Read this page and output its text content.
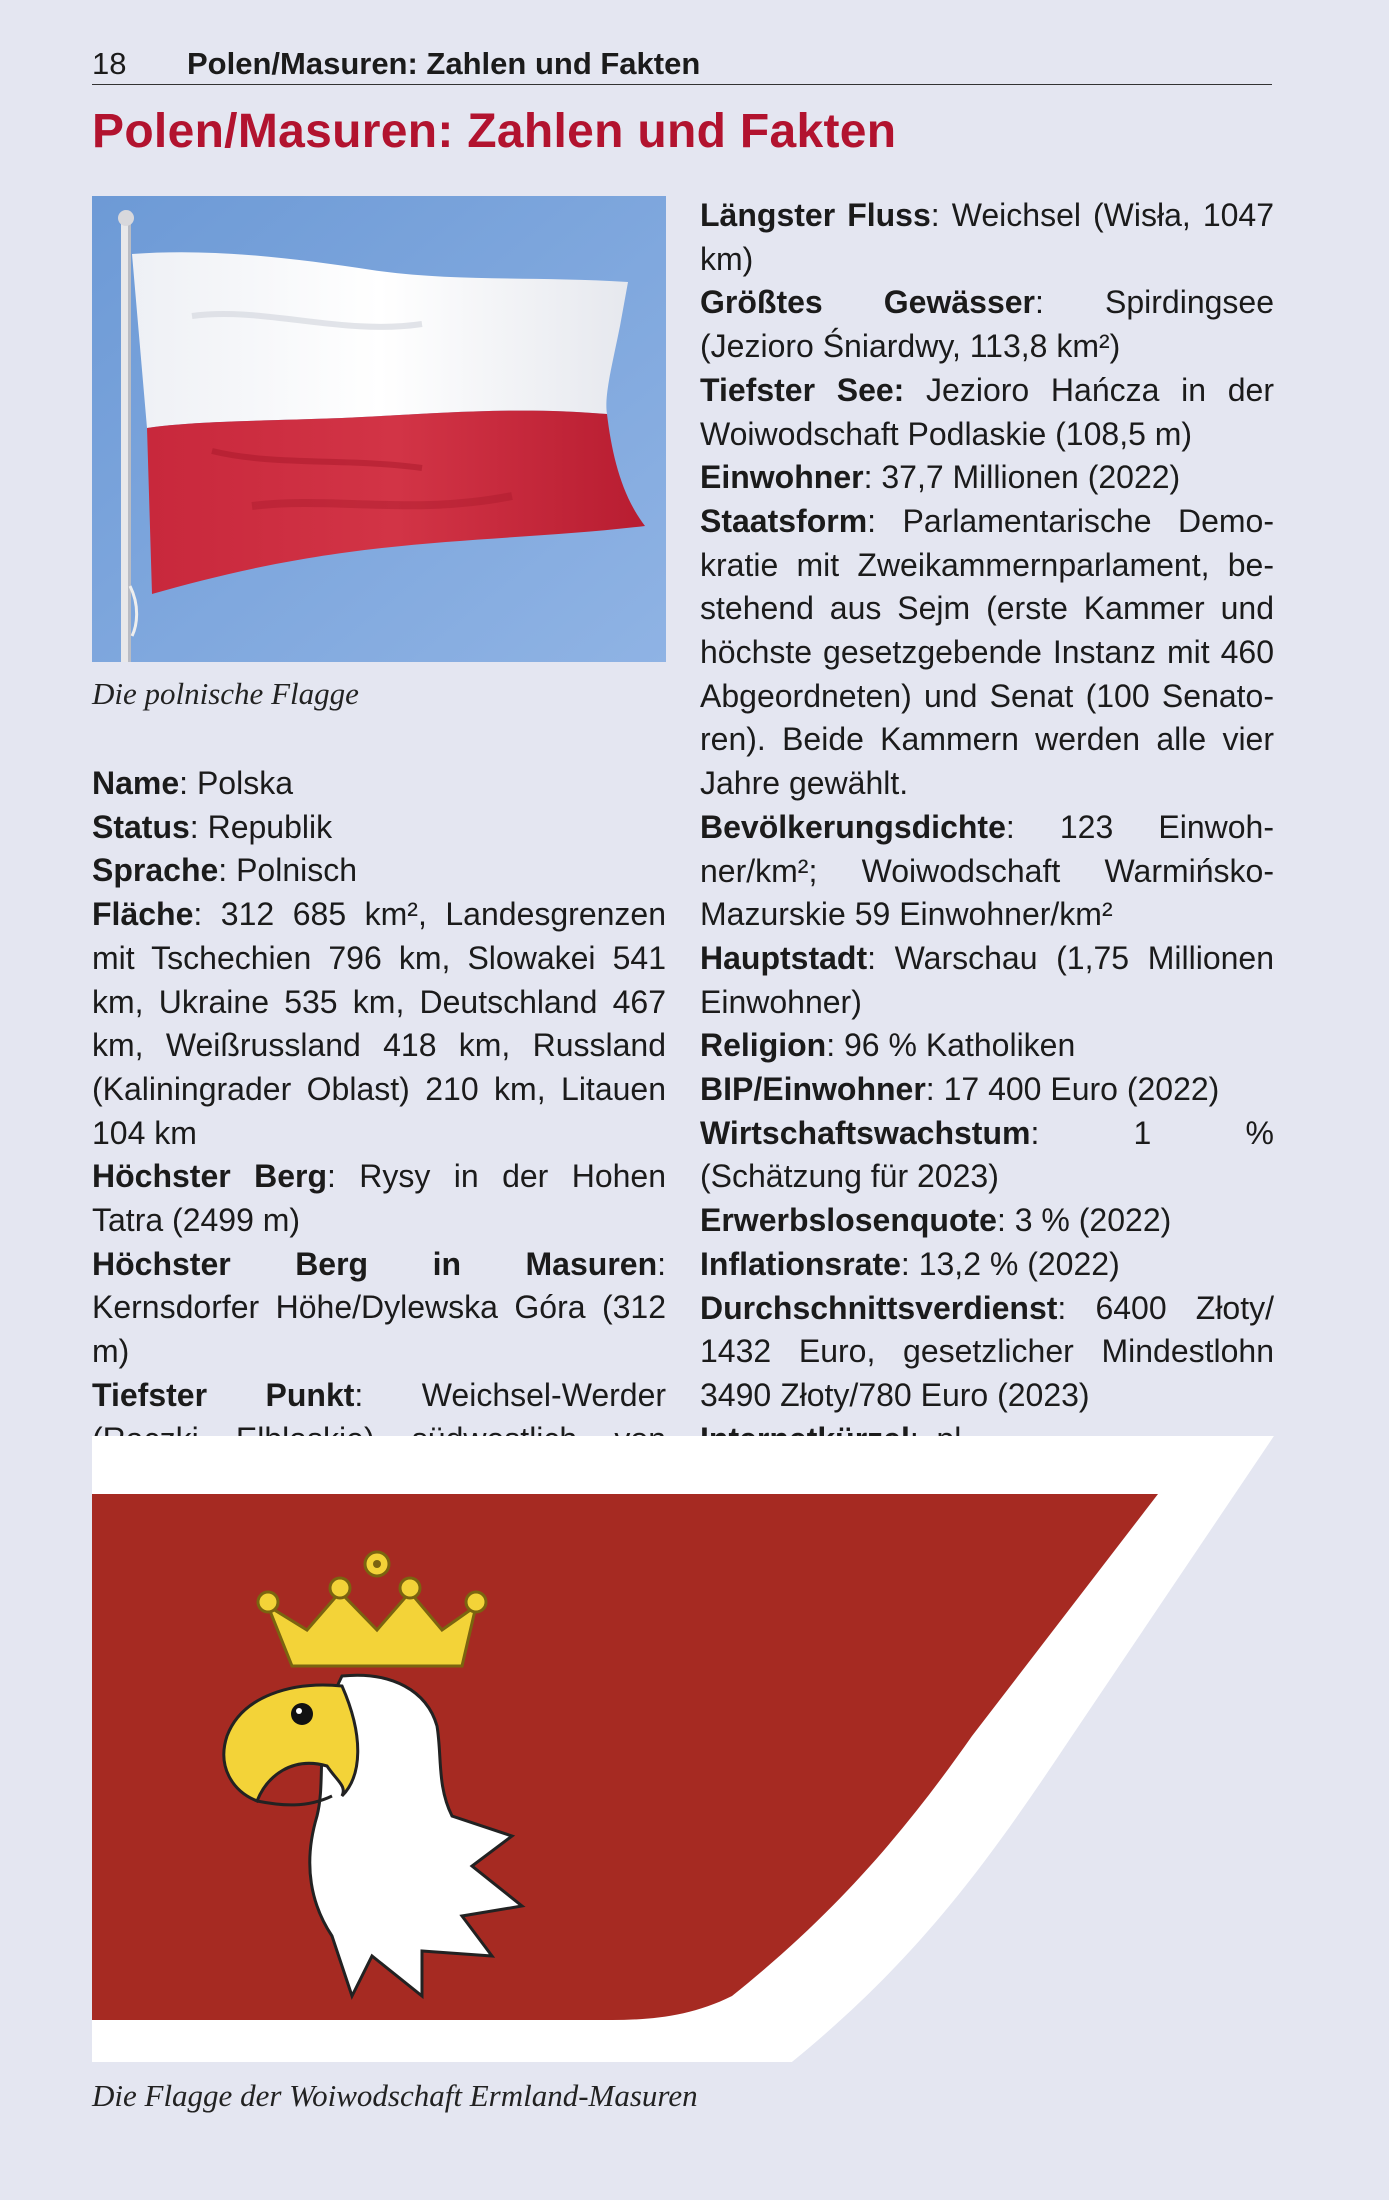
18 Polen/Masuren: Zahlen und Fakten
Polen/Masuren: Zahlen und Fakten

Die polnische Flagge

Name: Polska

Status: Republik

Sprache: Polnisch

Fläche: 312 685 km², Landesgrenzen mit Tschechien 796 km, Slowakei 541 km, Ukraine 535 km, Deutschland 467 km, Weißrussland 418 km, Russland (Kaliningrader Oblast) 210 km, Litauen 104 km

Höchster Berg: Rysy in der Hohen Tatra (2499 m)

Höchster Berg in Masuren: Kernsdorfer Höhe/Dylewska Góra (312 m)

Tiefster Punkt: Weichsel-Werder

Längster Fluss: Weichsel (Wisła, 1047 km)

Größtes Gewässer: Spirdingsee (Jezioro Śniardwy, 113,8 km²)

Tiefster See: Jezioro Hańcza in der Woiwodschaft Podlaskie (108,5 m)

Einwohner: 37,7 Millionen (2022)

Staatsform: Parlamentarische Demokratie mit Zweikammernparlament, bestehend aus Sejm (erste Kammer und höchste gesetzgebende Instanz mit 460 Abgeordneten) und Senat (100 Senatoren). Beide Kammern werden alle vier Jahre gewählt.

Bevölkerungsdichte: 123 Einwohner/km²; Woiwodschaft Warmińsko-Mazurskie 59 Einwohner/km²

Hauptstadt: Warschau (1,75 Millionen Einwohner)

Religion: 96 % Katholiken

BIP/Einwohner: 17 400 Euro (2022)

Wirtschaftswachstum: 1 % (Schätzung für 2023)

Erwerbslosenquote: 3 % (2022)

Inflationsrate: 13,2 % (2022)

Durchschnittsverdienst: 6400 Złoty/ 1432 Euro, gesetzlicher Mindestlohn 3490 Złoty/780 Euro (2023)

Die Flagge der Woiwodschaft Ermland-Masuren
